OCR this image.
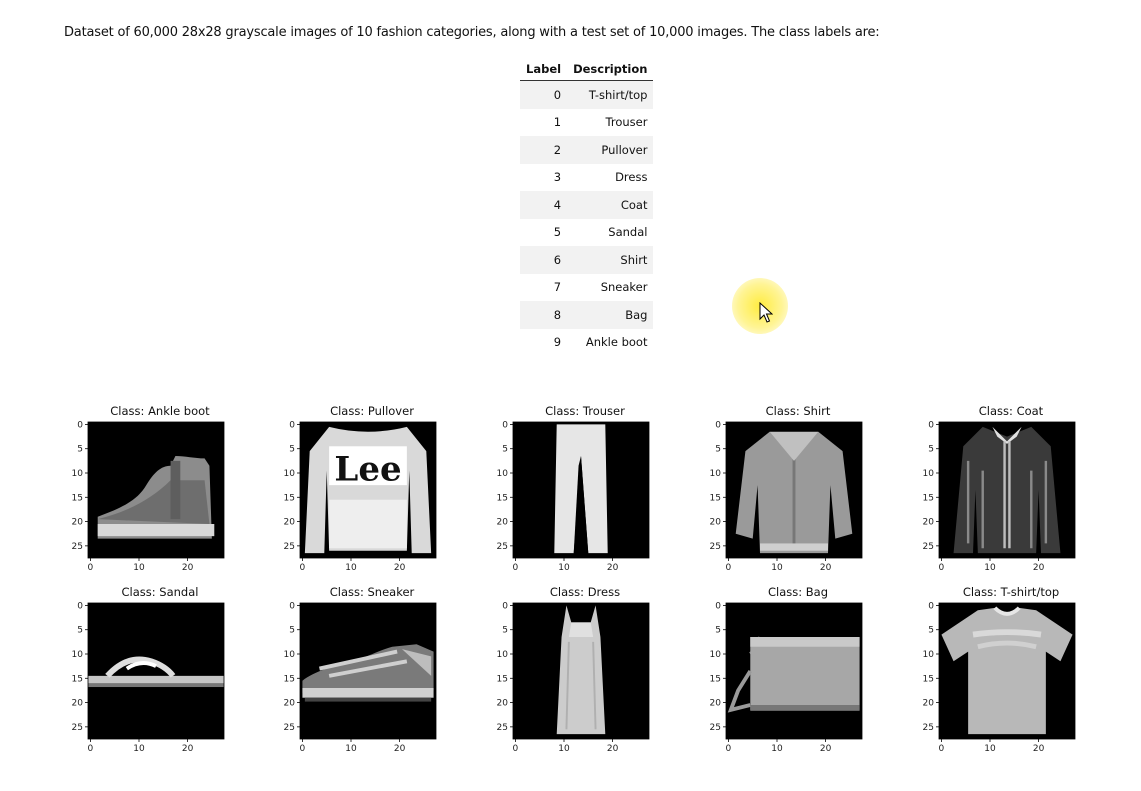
Dataset of 60,000 28x28 grayscale images of 10 fashion categories, along with a test set of 10,000 images. The class labels are:
Label	Description
0	T-shirt/top
1	Trouser
2	Pullover
3	Dress
4	Coat
5	Sandal
6	Shirt
7	Sneaker
8	Bag
9	Ankle boot
Class: Ankle boot
0
5
10
15
20
25
0	10	20
Class: Pullover
Lee
0
5
10
15
20
25
0	10	20
Class: Trouser
0
5
10
15
20
25
0	10	20
Class: Shirt
0
5
10
15
20
25
0	10	20
Class: Coat
0
5
10
15
20
25
0	10	20
Class: Sandal
0
5
10
15
20
25
0	10	20
Class: Sneaker
0
5
10
15
20
25
0	10	20
Class: Dress
0
5
10
15
20
25
0	10	20
Class: Bag
0
5
10
15
20
25
0	10	20
Class: T-shirt/top
0
5
10
15
20
25
0	10	20
